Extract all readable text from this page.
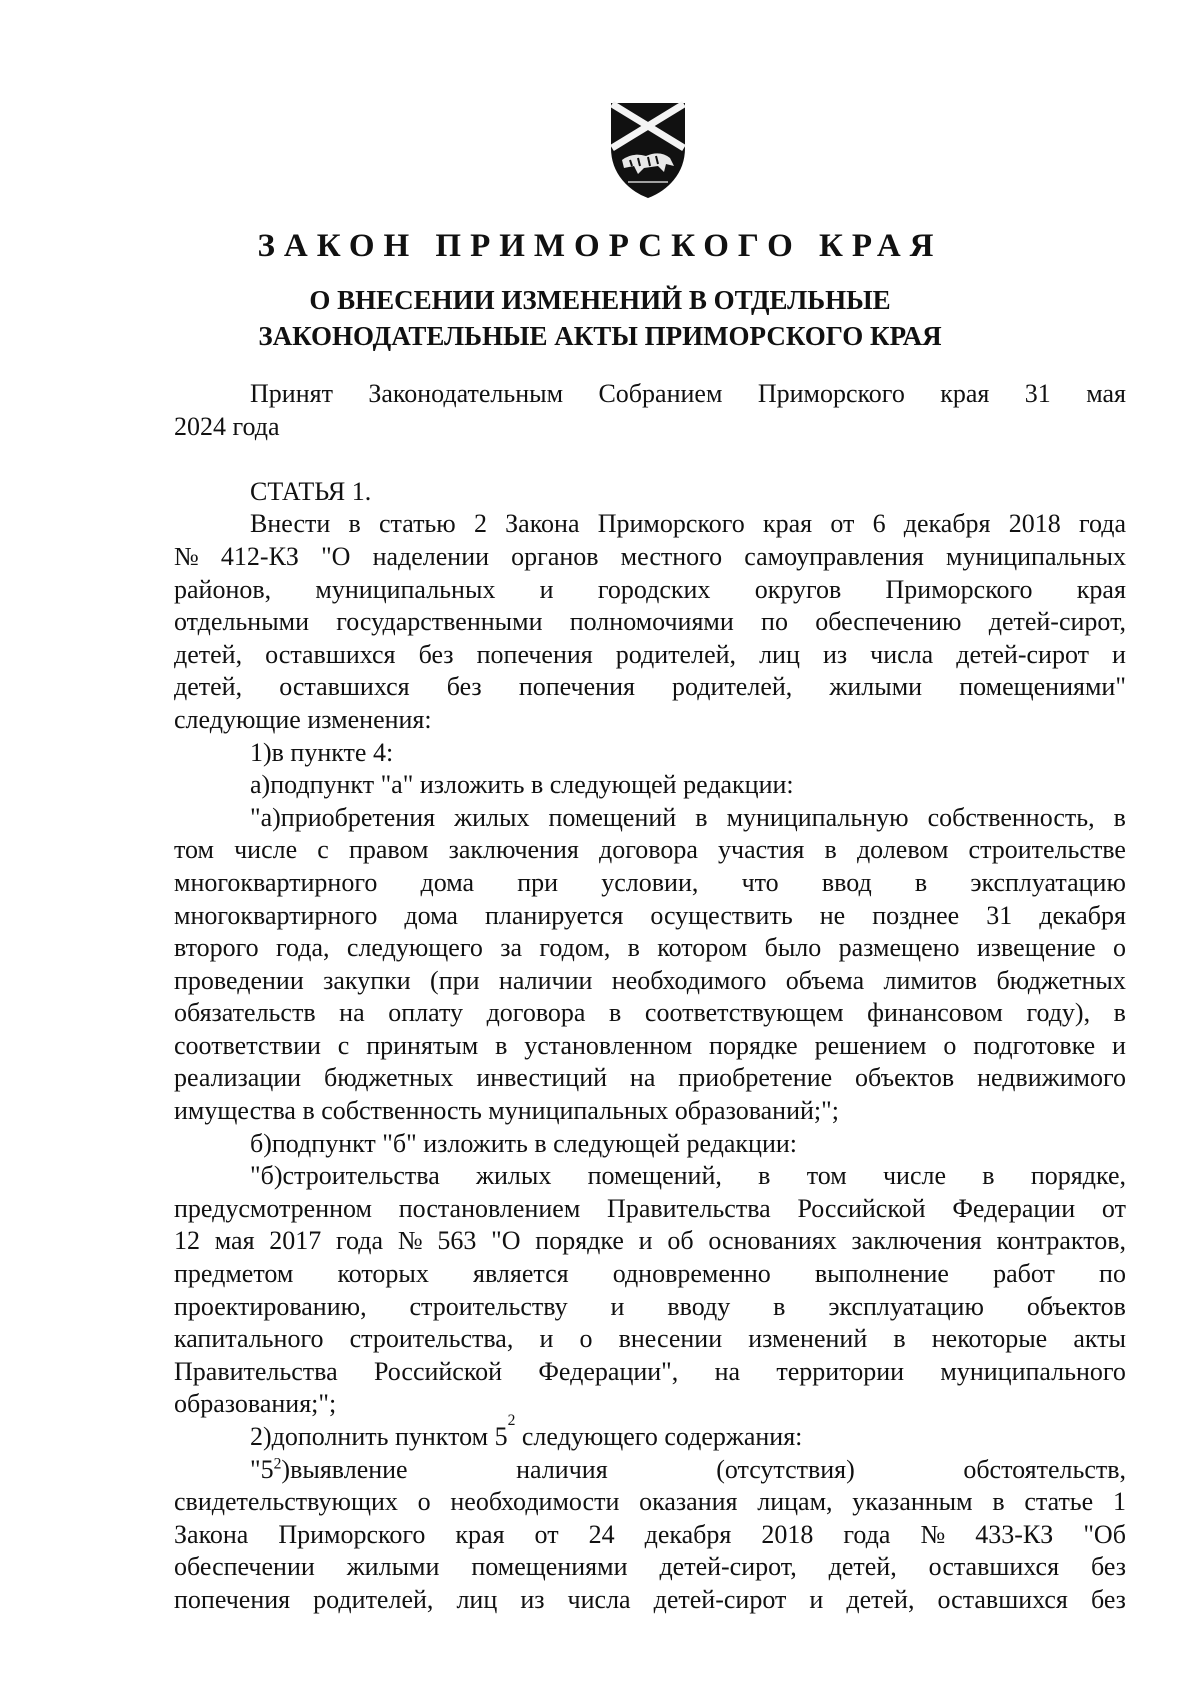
ЗАКОН ПРИМОРСКОГО КРАЯ
О ВНЕСЕНИИ ИЗМЕНЕНИЙ В ОТДЕЛЬНЫЕ
ЗАКОНОДАТЕЛЬНЫЕ АКТЫ ПРИМОРСКОГО КРАЯ
Принят Законодательным Собранием Приморского края 31 мая
2024 года
СТАТЬЯ 1.
Внести в статью 2 Закона Приморского края от 6 декабря 2018 года
№ 412-КЗ "О наделении органов местного самоуправления муниципальных
районов, муниципальных и городских округов Приморского края
отдельными государственными полномочиями по обеспечению детей-сирот,
детей, оставшихся без попечения родителей, лиц из числа детей-сирот и
детей, оставшихся без попечения родителей, жилыми помещениями"
следующие изменения:
1)в пункте 4:
а)подпункт "а" изложить в следующей редакции:
"а)приобретения жилых помещений в муниципальную собственность, в
том числе с правом заключения договора участия в долевом строительстве
многоквартирного дома при условии, что ввод в эксплуатацию
многоквартирного дома планируется осуществить не позднее 31 декабря
второго года, следующего за годом, в котором было размещено извещение о
проведении закупки (при наличии необходимого объема лимитов бюджетных
обязательств на оплату договора в соответствующем финансовом году), в
соответствии с принятым в установленном порядке решением о подготовке и
реализации бюджетных инвестиций на приобретение объектов недвижимого
имущества в собственность муниципальных образований;";
б)подпункт "б" изложить в следующей редакции:
"б)строительства жилых помещений, в том числе в порядке,
предусмотренном постановлением Правительства Российской Федерации от
12 мая 2017 года № 563 "О порядке и об основаниях заключения контрактов,
предметом которых является одновременно выполнение работ по
проектированию, строительству и вводу в эксплуатацию объектов
капитального строительства, и о внесении изменений в некоторые акты
Правительства Российской Федерации", на территории муниципального
образования;";
2)дополнить пунктом 5
2
следующего содержания:
"$5^2)выявление$	наличия	(отсутствия)	обстоятельств,
свидетельствующих о необходимости оказания лицам, указанным в статье 1
Закона Приморского края от 24 декабря 2018 года № 433-КЗ "Об
обеспечении жилыми помещениями детей-сирот, детей, оставшихся без
попечения родителей, лиц из числа детей-сирот и детей, оставшихся без
